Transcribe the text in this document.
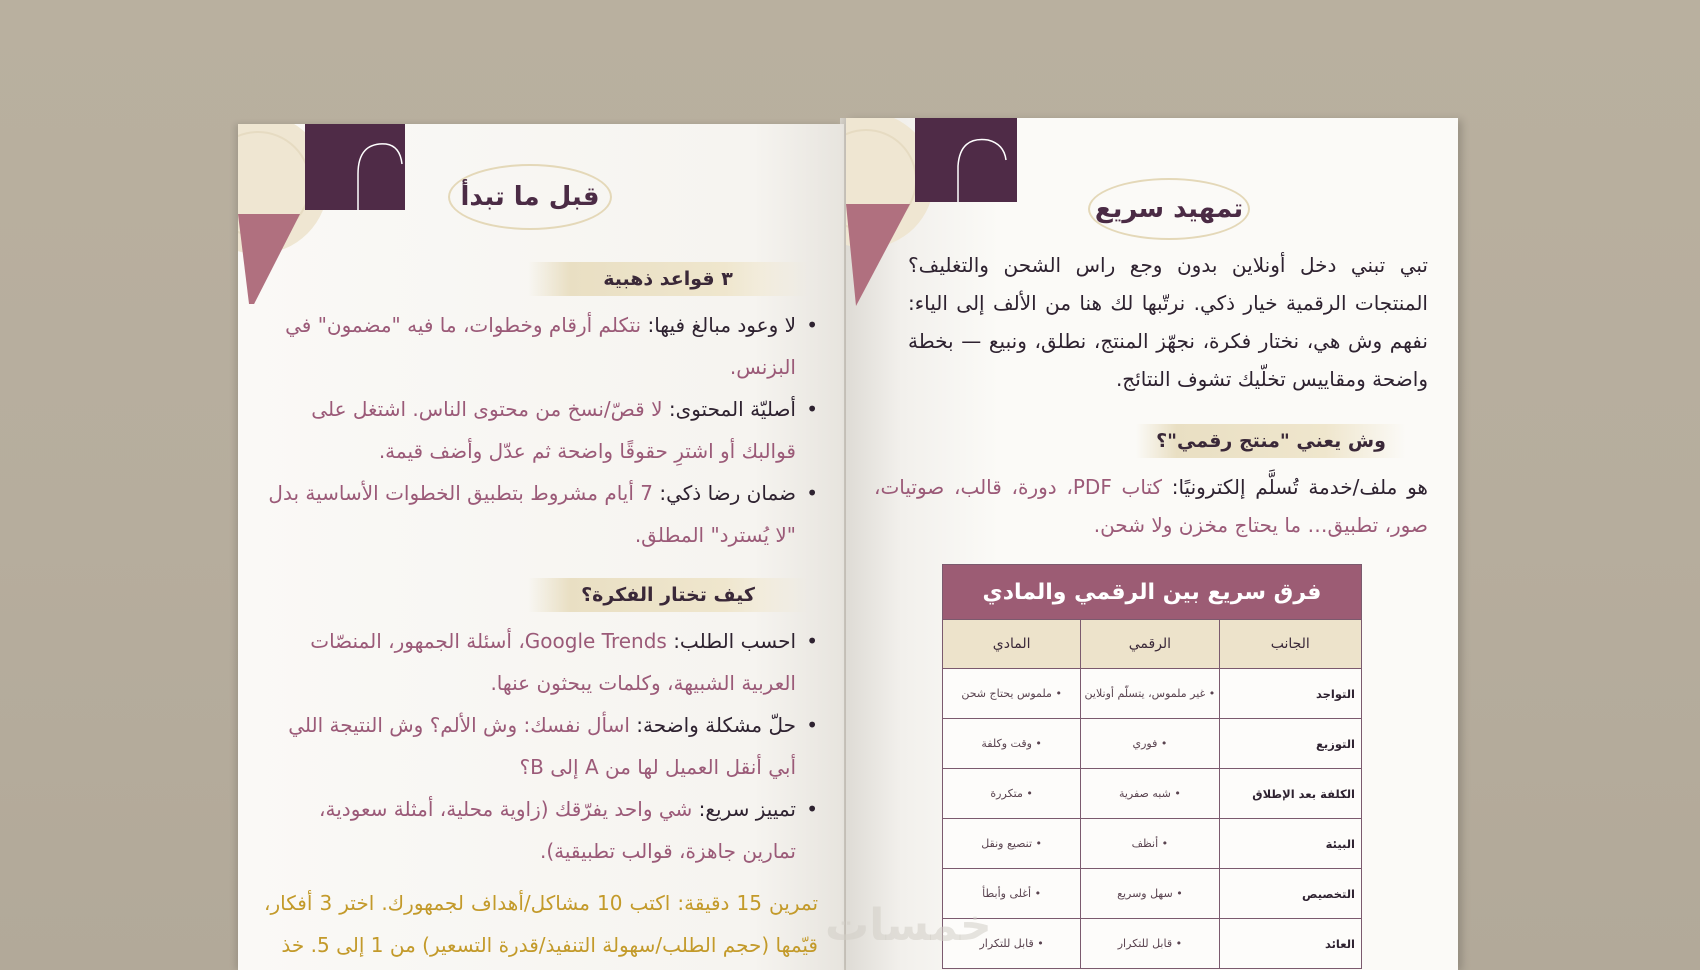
قبل ما تبدأ
٣ قواعد ذهبية
• لا وعود مبالغ فيها: نتكلم أرقام وخطوات، ما فيه "مضمون" في البزنس.
• أصليّة المحتوى: لا قصّ/نسخ من محتوى الناس. اشتغل على قوالبك أو اشترِ حقوقًا واضحة ثم عدّل وأضف قيمة.
• ضمان رضا ذكي: 7 أيام مشروط بتطبيق الخطوات الأساسية بدل "لا يُسترد" المطلق.
كيف تختار الفكرة؟
• احسب الطلب: Google Trends، أسئلة الجمهور، المنصّات العربية الشبيهة، وكلمات يبحثون عنها.
• حلّ مشكلة واضحة: اسأل نفسك: وش الألم؟ وش النتيجة اللي أبي أنقل العميل لها من A إلى B؟
• تمييز سريع: شي واحد يفرّقك (زاوية محلية، أمثلة سعودية، تمارين جاهزة، قوالب تطبيقية).
تمرين 15 دقيقة: اكتب 10 مشاكل/أهداف لجمهورك. اختر 3 أفكار، قيّمها (حجم الطلب/سهولة التنفيذ/قدرة التسعير) من 1 إلى 5. خذ
تمهيد سريع
تبي تبني دخل أونلاين بدون وجع راس الشحن والتغليف؟ المنتجات الرقمية خيار ذكي. نرتّبها لك هنا من الألف إلى الياء: نفهم وش هي، نختار فكرة، نجهّز المنتج، نطلق، ونبيع — بخطة واضحة ومقاييس تخلّيك تشوف النتائج.
وش يعني "منتج رقمي"؟
هو ملف/خدمة تُسلَّم إلكترونيًا: كتاب PDF، دورة، قالب، صوتيات، صور، تطبيق… ما يحتاج مخزن ولا شحن.
فرق سريع بين الرقمي والمادي		
الجانب	الرقمي	المادي
التواجد	• غير ملموس، يتسلّم أونلاين	• ملموس يحتاج شحن
التوزيع	• فوري	• وقت وكلفة
الكلفة بعد الإطلاق	• شبه صفرية	• متكررة
البيئة	• أنظف	• تنصيع ونقل
التخصيص	• سهل وسريع	• أغلى وأبطأ
العائد	• قابل للتكرار	• قابل للتكرار
خمسات
